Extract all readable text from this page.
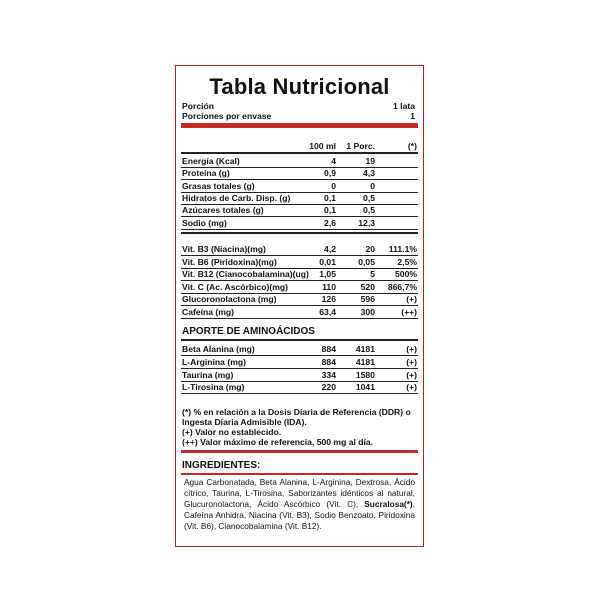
Tabla Nutricional
Porción	1 lata
Porciones por envase	1
100 ml	1 Porc.	(*)
Energía (Kcal)	4	19
Proteína (g)	0,9	4,3
Grasas totales (g)	0	0
Hidratos de Carb. Disp. (g)	0,1	0,5
Azúcares totales (g)	0,1	0,5
Sodio (mg)	2,6	12,3
Vit. B3 (Niacina)(mg)	4,2	20	111.1%
Vit. B6 (Piridoxina)(mg)	0,01	0,05	2,5%
Vit. B12 (Cianocobalamina)(ug)	1,05	5	500%
Vit. C (Ac. Ascórbico)(mg)	110	520	866,7%
Glucoronolactona (mg)	126	596	(+)
Cafeína (mg)	63,4	300	(++)
APORTE DE AMINOÁCIDOS
Beta Alanina (mg)	884	4181	(+)
L-Arginina (mg)	884	4181	(+)
Taurina (mg)	334	1580	(+)
L-Tirosina (mg)	220	1041	(+)
(*) % en relación a la Dosis Diaria de Referencia (DDR) o
Ingesta Diaria Admisible (IDA).
(+) Valor no establecido.
(++) Valor máximo de referencia, 500 mg al día.
INGREDIENTES:
Agua Carbonatada, Beta Alanina, L-Arginina, Dextrosa, Ácido cítrico, Taurina, L-Tirosina, Saborizantes idénticos al natural, Glucuronolactona, Ácido Ascórbico (Vit. C), Sucralosa(*), Cafeína Anhidra, Niacina (Vit. B3), Sodio Benzoato, Piridoxina (Vit. B6), Cianocobalamina (Vit. B12).
